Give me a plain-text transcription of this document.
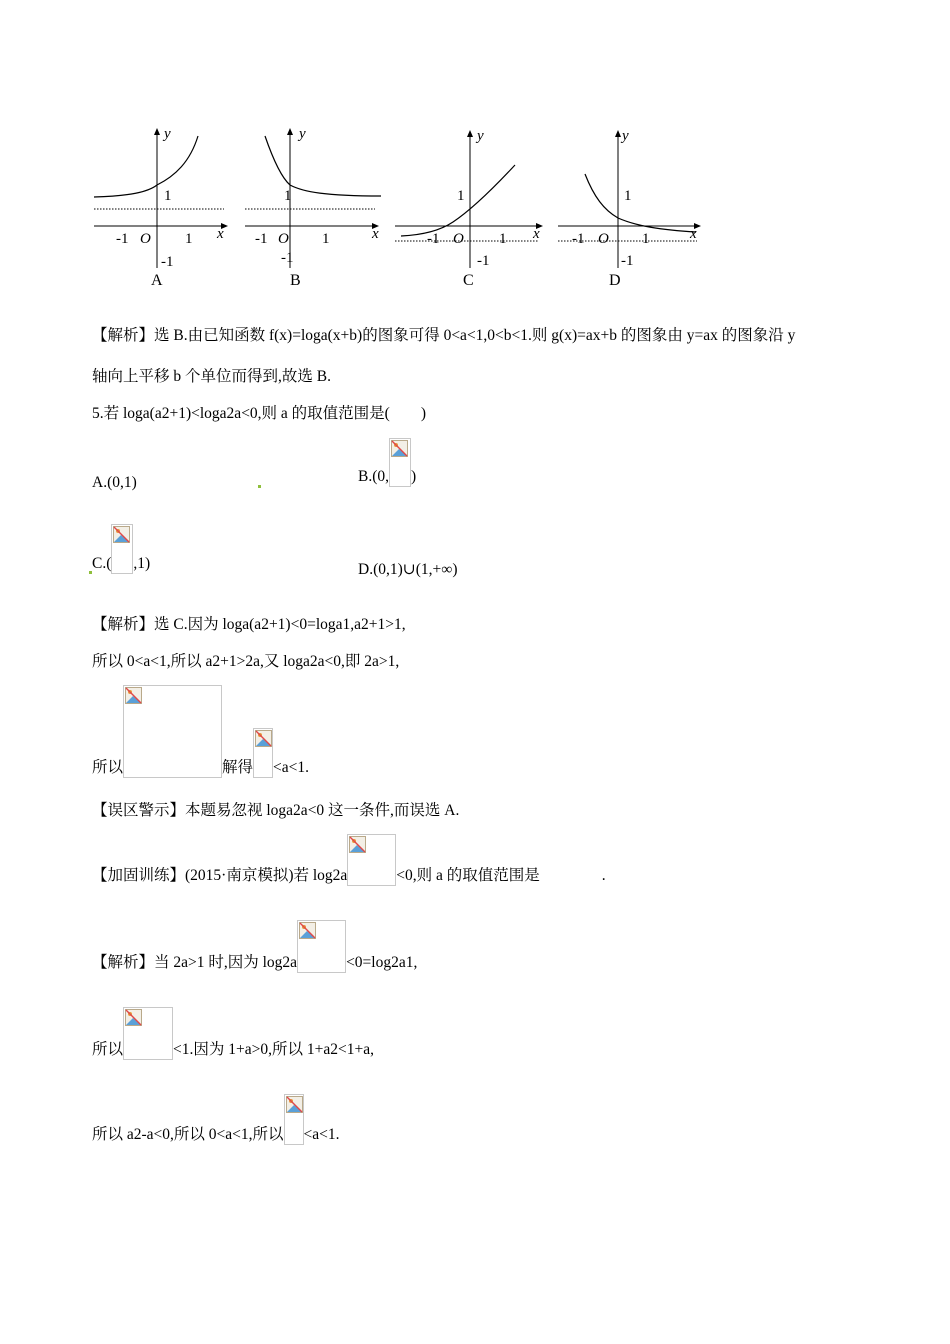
y
x
1
-1 O 1
-1
A
y
x
1
-1 O 1
-1
B
y
x
1
-1 O 1
-1
C
y
x
1
-1 O 1
-1
D
【解析】选 B.由已知函数 f(x)=loga(x+b)的图象可得 0<a<1,0<b<1.则 g(x)=ax+b 的图象由 y=ax 的图象沿 y
轴向上平移 b 个单位而得到,故选 B.
5.若 loga(a2+1)<loga2a<0,则 a 的取值范围是(　　)
A.(0,1)	B.(0, )
C.( ,1)	D.(0,1)∪(1,+∞)
【解析】选 C.因为 loga(a2+1)<0=loga1,a2+1>1,
所以 0<a<1,所以 a2+1>2a,又 loga2a<0,即 2a>1,
所以	解得 <a<1.
【误区警示】本题易忽视 loga2a<0 这一条件,而误选 A.
【加固训练】(2015·南京模拟)若 log2a	<0,则 a 的取值范围是　　　　.
【解析】当 2a>1 时,因为 log2a	<0=log2a1,
所以	<1.因为 1+a>0,所以 1+a2<1+a,
所以 a2-a<0,所以 0<a<1,所以 <a<1.
